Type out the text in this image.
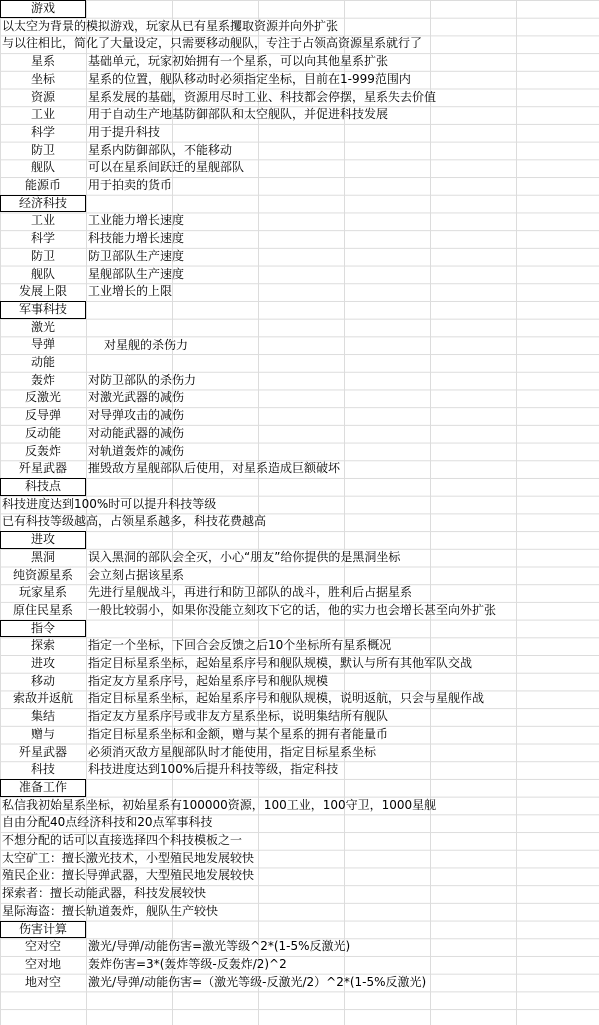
游戏
以太空为背景的模拟游戏，玩家从已有星系攫取资源并向外扩张
与以往相比，简化了大量设定，只需要移动舰队，专注于占领高资源星系就行了
星系	基础单元，玩家初始拥有一个星系，可以向其他星系扩张
坐标	星系的位置，舰队移动时必须指定坐标，目前在1-999范围内
资源	星系发展的基础，资源用尽时工业、科技都会停摆，星系失去价值
工业	用于自动生产地基防御部队和太空舰队，并促进科技发展
科学	用于提升科技
防卫	星系内防御部队，不能移动
舰队	可以在星系间跃迁的星舰部队
能源币	用于拍卖的货币
经济科技
工业	工业能力增长速度
科学	科技能力增长速度
防卫	防卫部队生产速度
舰队	星舰部队生产速度
发展上限	工业增长的上限
军事科技
激光
导弹	对星舰的杀伤力
动能
轰炸	对防卫部队的杀伤力
反激光	对激光武器的减伤
反导弹	对导弹攻击的减伤
反动能	对动能武器的减伤
反轰炸	对轨道轰炸的减伤
歼星武器	摧毁敌方星舰部队后使用，对星系造成巨额破坏
科技点
科技进度达到100%时可以提升科技等级
已有科技等级越高，占领星系越多，科技花费越高
进攻
黑洞	误入黑洞的部队会全灭，小心“朋友”给你提供的是黑洞坐标
纯资源星系	会立刻占据该星系
玩家星系	先进行星舰战斗，再进行和防卫部队的战斗，胜利后占据星系
原住民星系	一般比较弱小，如果你没能立刻攻下它的话，他的实力也会增长甚至向外扩张
指令
探索	指定一个坐标，下回合会反馈之后10个坐标所有星系概况
进攻	指定目标星系坐标，起始星系序号和舰队规模，默认与所有其他军队交战
移动	指定友方星系序号，起始星系序号和舰队规模
索敌并返航	指定目标星系坐标，起始星系序号和舰队规模，说明返航，只会与星舰作战
集结	指定友方星系序号或非友方星系坐标，说明集结所有舰队
赠与	指定目标星系坐标和金额，赠与某个星系的拥有者能量币
歼星武器	必须消灭敌方星舰部队时才能使用，指定目标星系坐标
科技	科技进度达到100%后提升科技等级，指定科技
准备工作
私信我初始星系坐标，初始星系有100000资源，100工业，100守卫，1000星舰
自由分配40点经济科技和20点军事科技
不想分配的话可以直接选择四个科技模板之一
太空矿工：擅长激光技术，小型殖民地发展较快
殖民企业：擅长导弹武器，大型殖民地发展较快
探索者：擅长动能武器，科技发展较快
星际海盗：擅长轨道轰炸，舰队生产较快
伤害计算
空对空	激光/导弹/动能伤害=激光等级^2*(1-5%反激光)
空对地	轰炸伤害=3*(轰炸等级-反轰炸/2)^2
地对空	激光/导弹/动能伤害=（激光等级-反激光/2）^2*(1-5%反激光)
